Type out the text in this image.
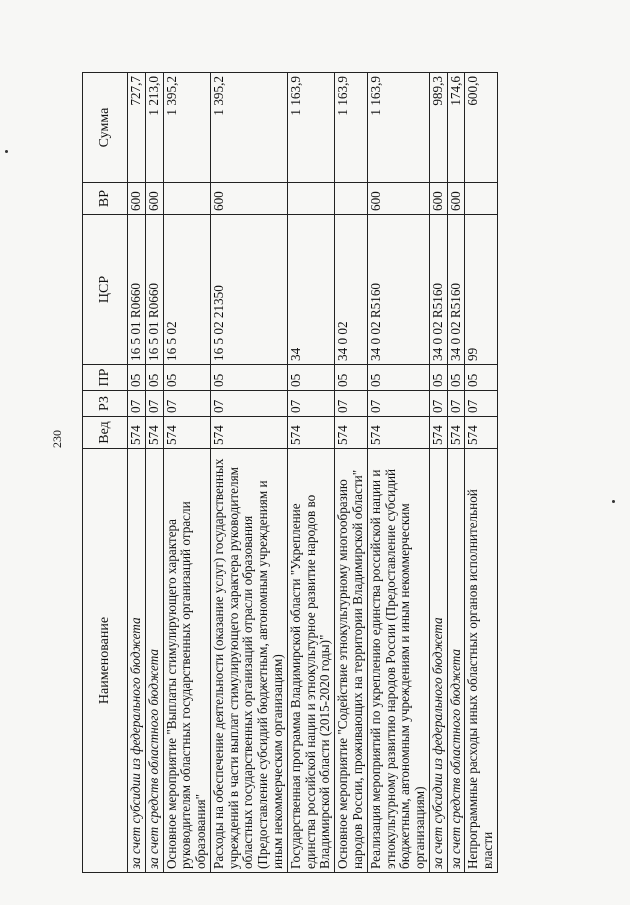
230
Наименование	Вед	РЗ	ПР	ЦСР	ВР	Сумма
за счет субсидии из федерального бюджета	574	07	05	16 5 01 R0660	600	727,7
за счет средств областного бюджета	574	07	05	16 5 01 R0660	600	1 213,0
Основное мероприятие "Выплаты стимулирующего характера руководителям областных государственных организаций отрасли образования"	574	07	05	16 5 02		1 395,2
Расходы на обеспечение деятельности (оказание услуг) государственных учреждений в части выплат стимулирующего характера руководителям областных государственных организаций отрасли образования (Предоставление субсидий бюджетным, автономным учреждениям и иным некоммерческим организациям)	574	07	05	16 5 02 21350	600	1 395,2
Государственная программа Владимирской области "Укрепление единства российской нации и этнокультурное развитие народов во Владимирской области (2015-2020 годы)"	574	07	05	34		1 163,9
Основное мероприятие "Содействие этнокультурному многообразию народов России, проживающих на территории Владимирской области"	574	07	05	34 0 02		1 163,9
Реализация мероприятий по укреплению единства российской нации и этнокультурному развитию народов России (Предоставление субсидий бюджетным, автономным учреждениям и иным некоммерческим организациям)	574	07	05	34 0 02 R5160	600	1 163,9
за счет субсидии из федерального бюджета	574	07	05	34 0 02 R5160	600	989,3
за счет средств областного бюджета	574	07	05	34 0 02 R5160	600	174,6
Непрограммные расходы иных областных органов исполнительной власти	574	07	05	99		600,0
